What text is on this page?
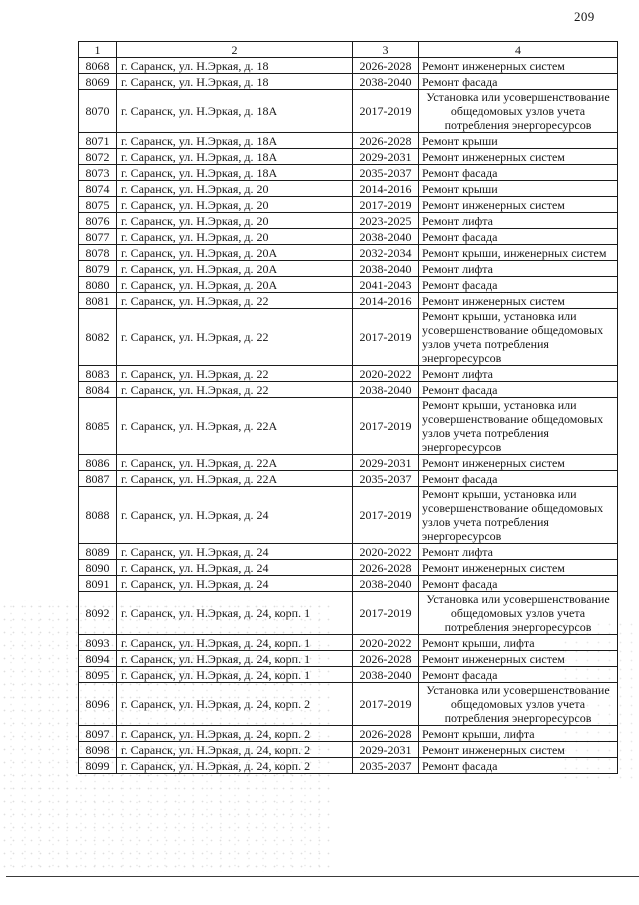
209
1	2	3	4
8068	г. Саранск, ул. Н.Эркая, д. 18	2026-2028	Ремонт инженерных систем
8069	г. Саранск, ул. Н.Эркая, д. 18	2038-2040	Ремонт фасада
8070	г. Саранск, ул. Н.Эркая, д. 18А	2017-2019	Установка или усовершенствование
общедомовых узлов учета
потребления энергоресурсов
8071	г. Саранск, ул. Н.Эркая, д. 18А	2026-2028	Ремонт крыши
8072	г. Саранск, ул. Н.Эркая, д. 18А	2029-2031	Ремонт инженерных систем
8073	г. Саранск, ул. Н.Эркая, д. 18А	2035-2037	Ремонт фасада
8074	г. Саранск, ул. Н.Эркая, д. 20	2014-2016	Ремонт крыши
8075	г. Саранск, ул. Н.Эркая, д. 20	2017-2019	Ремонт инженерных систем
8076	г. Саранск, ул. Н.Эркая, д. 20	2023-2025	Ремонт лифта
8077	г. Саранск, ул. Н.Эркая, д. 20	2038-2040	Ремонт фасада
8078	г. Саранск, ул. Н.Эркая, д. 20А	2032-2034	Ремонт крыши, инженерных систем
8079	г. Саранск, ул. Н.Эркая, д. 20А	2038-2040	Ремонт лифта
8080	г. Саранск, ул. Н.Эркая, д. 20А	2041-2043	Ремонт фасада
8081	г. Саранск, ул. Н.Эркая, д. 22	2014-2016	Ремонт инженерных систем
8082	г. Саранск, ул. Н.Эркая, д. 22	2017-2019	Ремонт крыши, установка или
усовершенствование общедомовых
узлов учета потребления
энергоресурсов
8083	г. Саранск, ул. Н.Эркая, д. 22	2020-2022	Ремонт лифта
8084	г. Саранск, ул. Н.Эркая, д. 22	2038-2040	Ремонт фасада
8085	г. Саранск, ул. Н.Эркая, д. 22А	2017-2019	Ремонт крыши, установка или
усовершенствование общедомовых
узлов учета потребления
энергоресурсов
8086	г. Саранск, ул. Н.Эркая, д. 22А	2029-2031	Ремонт инженерных систем
8087	г. Саранск, ул. Н.Эркая, д. 22А	2035-2037	Ремонт фасада
8088	г. Саранск, ул. Н.Эркая, д. 24	2017-2019	Ремонт крыши, установка или
усовершенствование общедомовых
узлов учета потребления
энергоресурсов
8089	г. Саранск, ул. Н.Эркая, д. 24	2020-2022	Ремонт лифта
8090	г. Саранск, ул. Н.Эркая, д. 24	2026-2028	Ремонт инженерных систем
8091	г. Саранск, ул. Н.Эркая, д. 24	2038-2040	Ремонт фасада
8092	г. Саранск, ул. Н.Эркая, д. 24, корп. 1	2017-2019	Установка или усовершенствование
общедомовых узлов учета
потребления энергоресурсов
8093	г. Саранск, ул. Н.Эркая, д. 24, корп. 1	2020-2022	Ремонт крыши, лифта
8094	г. Саранск, ул. Н.Эркая, д. 24, корп. 1	2026-2028	Ремонт инженерных систем
8095	г. Саранск, ул. Н.Эркая, д. 24, корп. 1	2038-2040	Ремонт фасада
8096	г. Саранск, ул. Н.Эркая, д. 24, корп. 2	2017-2019	Установка или усовершенствование
общедомовых узлов учета
потребления энергоресурсов
8097	г. Саранск, ул. Н.Эркая, д. 24, корп. 2	2026-2028	Ремонт крыши, лифта
8098	г. Саранск, ул. Н.Эркая, д. 24, корп. 2	2029-2031	Ремонт инженерных систем
8099	г. Саранск, ул. Н.Эркая, д. 24, корп. 2	2035-2037	Ремонт фасада
